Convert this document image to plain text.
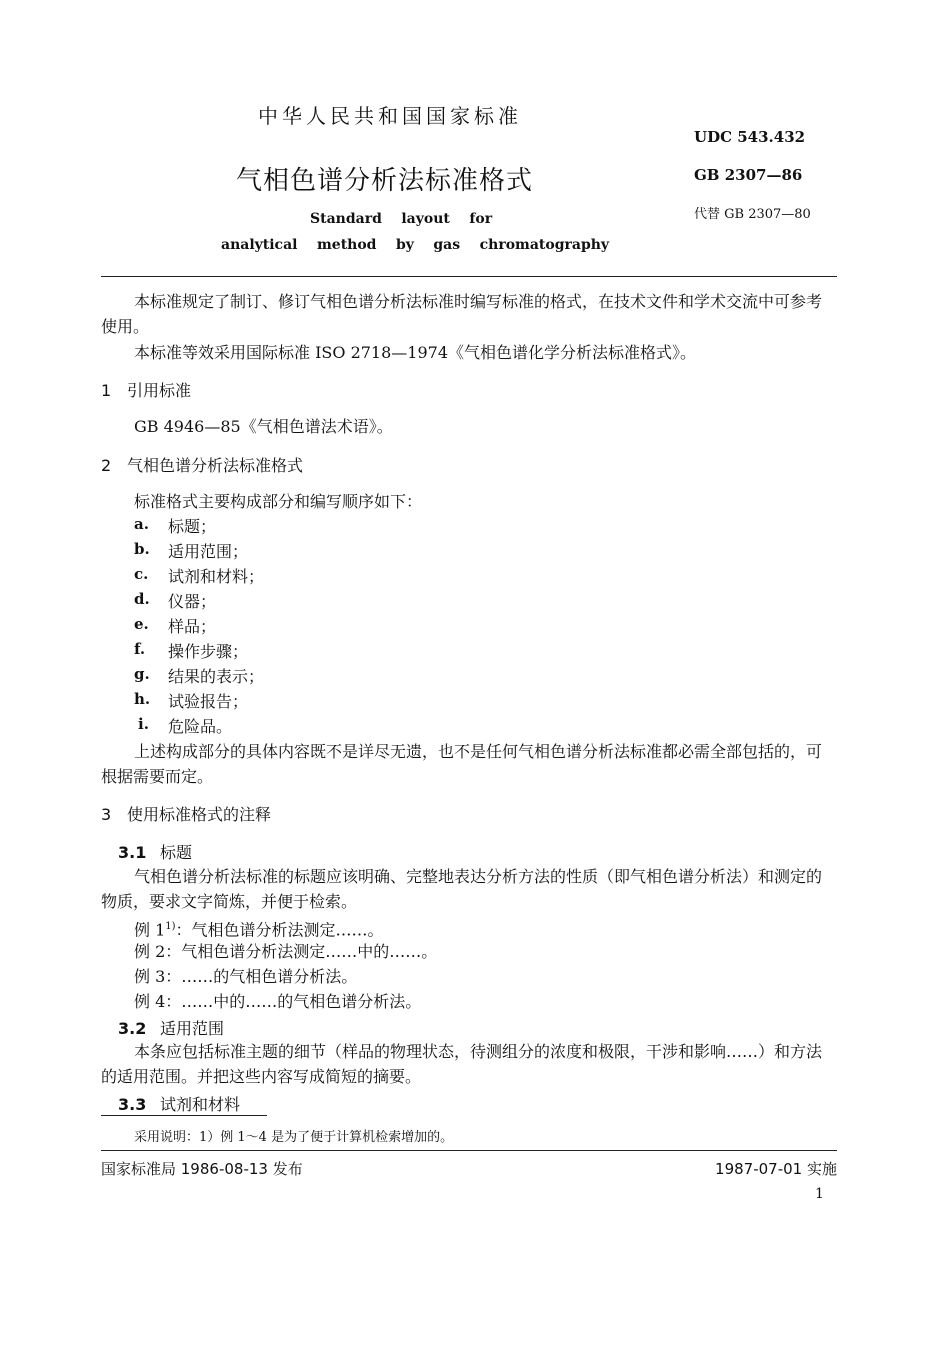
中华人民共和国国家标准
气相色谱分析法标准格式
Standard    layout    for
analytical    method    by    gas    chromatography
UDC 543.432
GB 2307—86
代替 GB 2307—80
本标准规定了制订、修订气相色谱分析法标准时编写标准的格式，在技术文件和学术交流中可参考使用。
本标准等效采用国际标准 ISO 2718—1974《气相色谱化学分析法标准格式》。
1 引用标准
GB 4946—85《气相色谱法术语》。
2 气相色谱分析法标准格式
标准格式主要构成部分和编写顺序如下：
a. 标题；
b. 适用范围；
c. 试剂和材料；
d. 仪器；
e. 样品；
f. 操作步骤；
g. 结果的表示；
h. 试验报告；
i. 危险品。
上述构成部分的具体内容既不是详尽无遗，也不是任何气相色谱分析法标准都必需全部包括的，可根据需要而定。
3 使用标准格式的注释
3.1 标题
气相色谱分析法标准的标题应该明确、完整地表达分析方法的性质（即气相色谱分析法）和测定的物质，要求文字简炼，并便于检索。
例 1$^{1)}$：气相色谱分析法测定……。
例 2：气相色谱分析法测定……中的……。
例 3：……的气相色谱分析法。
例 4：……中的……的气相色谱分析法。
3.2 适用范围
本条应包括标准主题的细节（样品的物理状态，待测组分的浓度和极限，干涉和影响……）和方法的适用范围。并把这些内容写成简短的摘要。
3.3 试剂和材料
采用说明：1）例 1～4 是为了便于计算机检索增加的。
国家标准局 1986-08-13 发布	1987-07-01 实施
1
